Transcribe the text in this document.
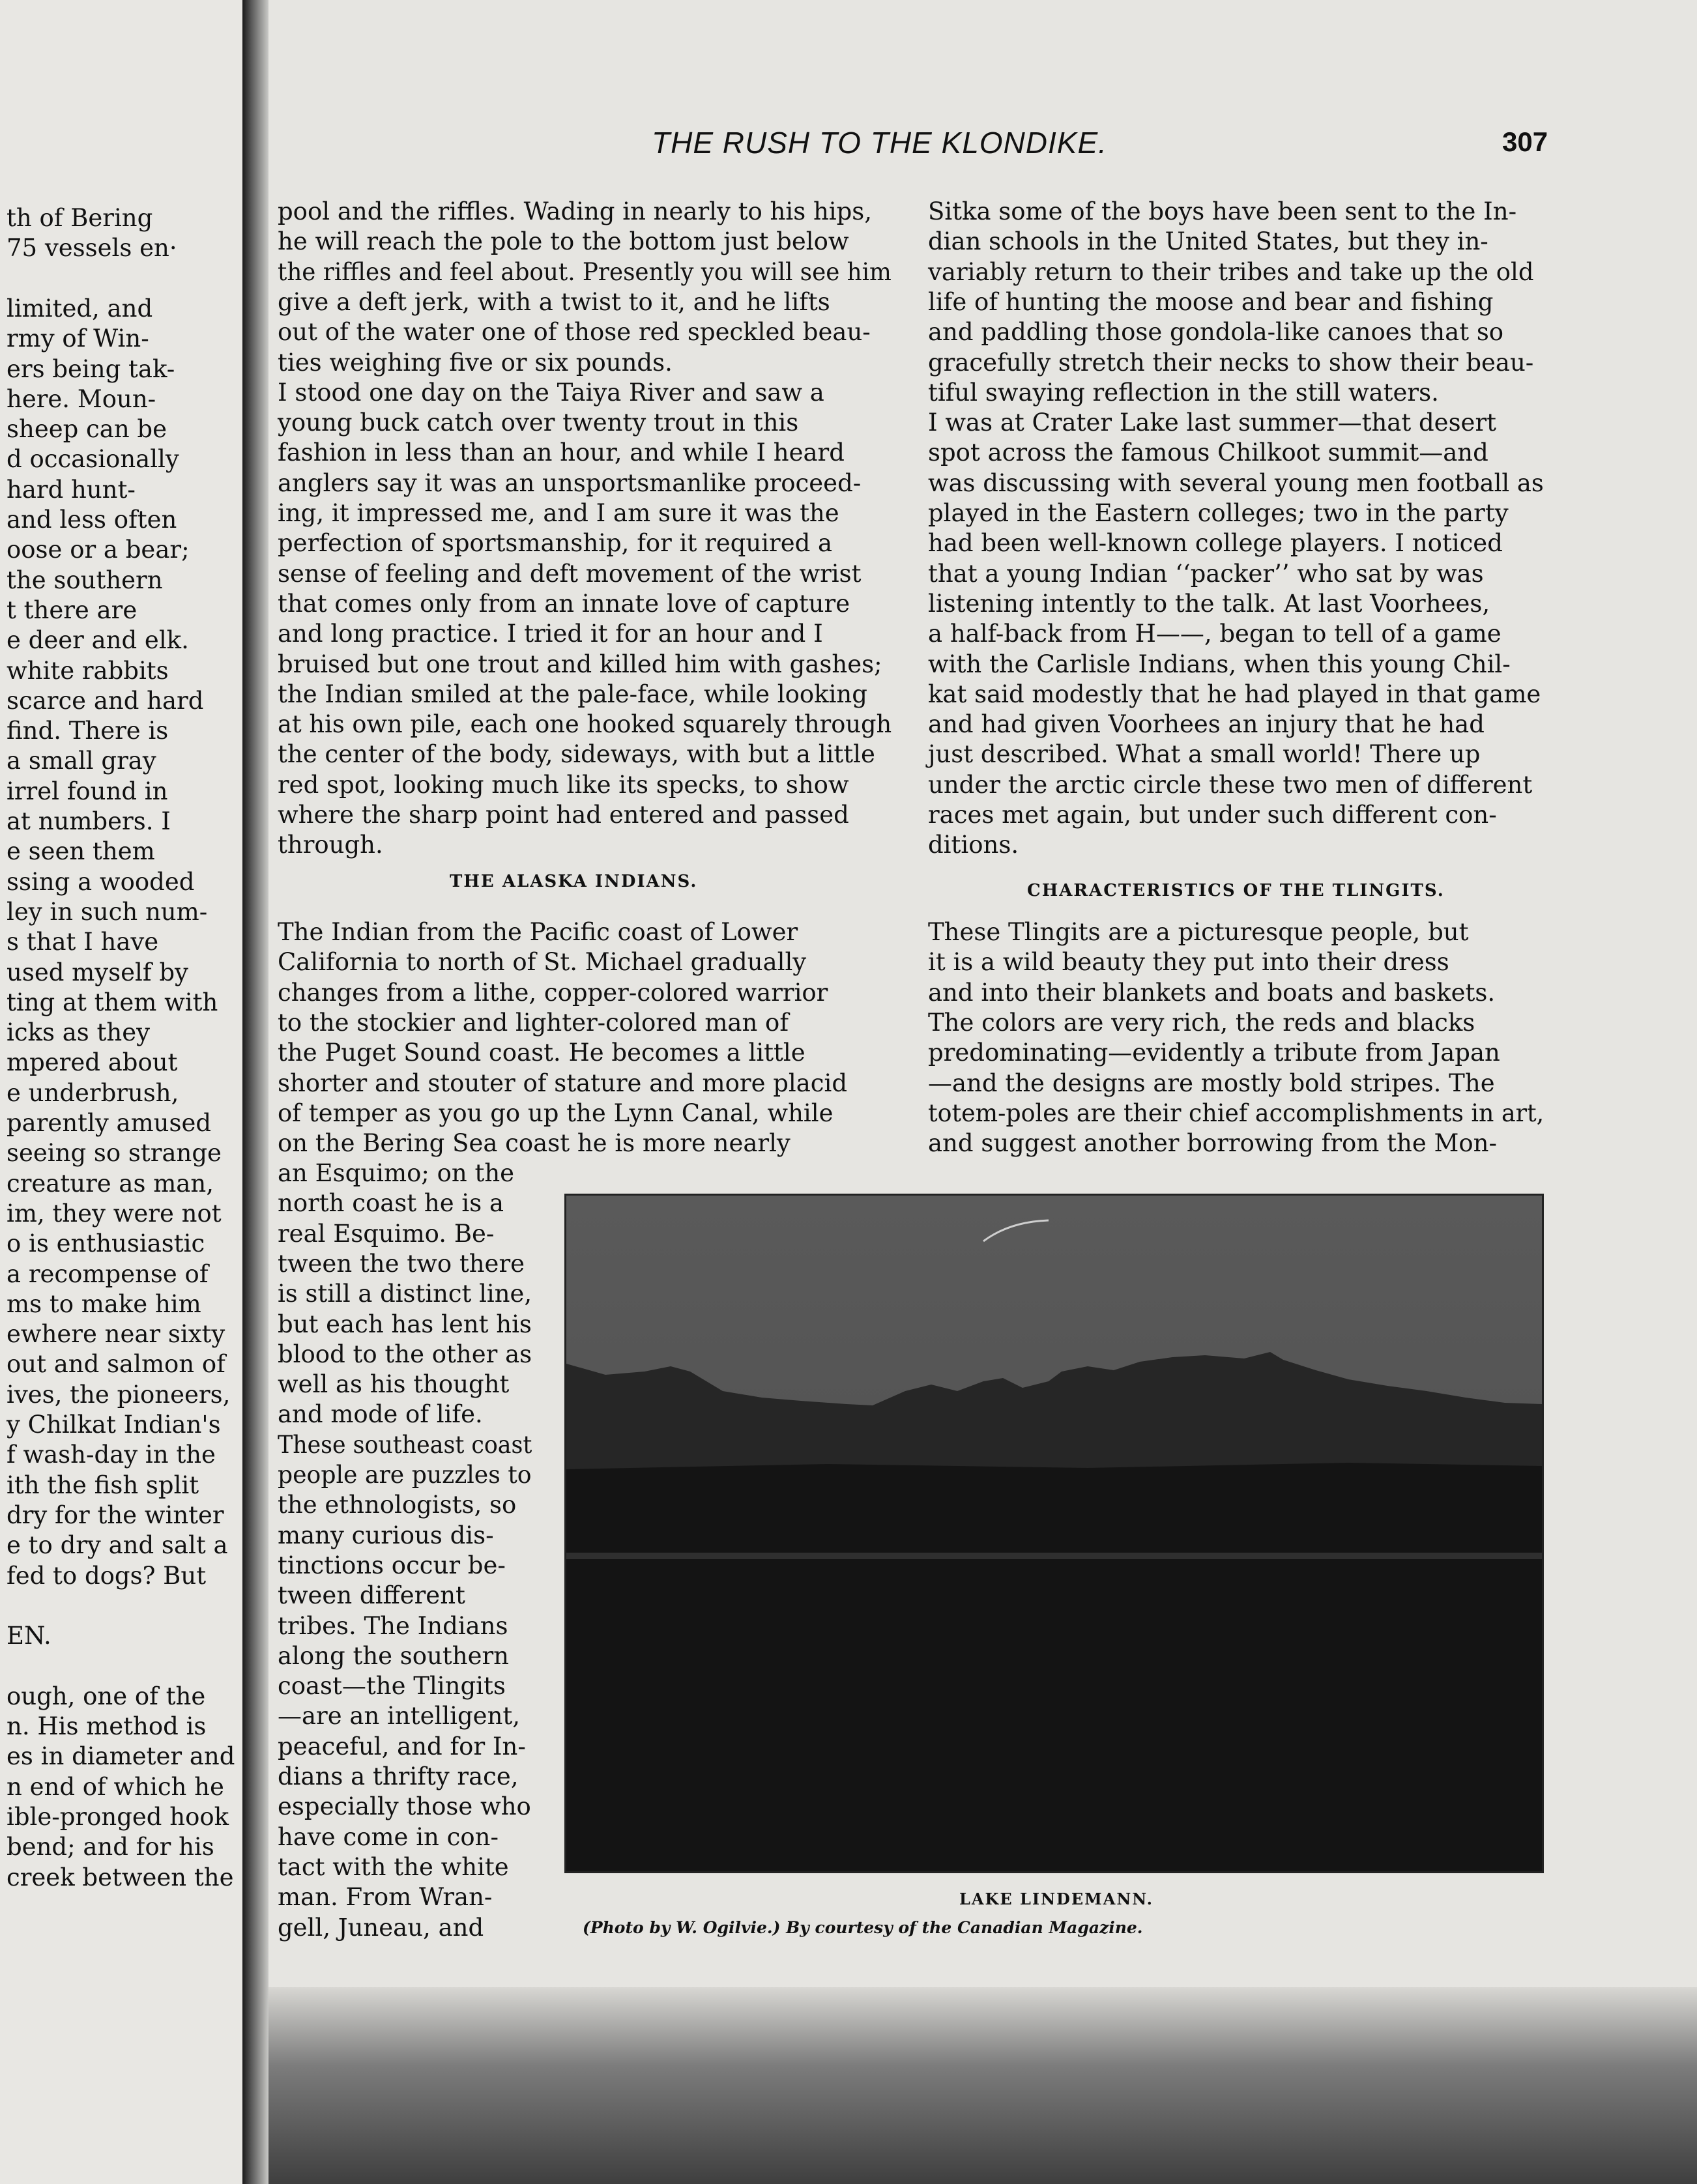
THE RUSH TO THE KLONDIKE.	307
THE ALASKA INDIANS.	CHARACTERISTICS OF THE TLINGITS.
LAKE LINDEMANN.
(Photo by W. Ogilvie.) By courtesy of the Canadian Magazine.
th of Bering
75 vessels en·
limited, and
rmy of Win-
ers being tak-
here. Moun-
sheep can be
d occasionally
hard hunt-
and less often
oose or a bear;
the southern
t there are
e deer and elk.
white rabbits
scarce and hard
find. There is
a small gray
irrel found in
at numbers. I
e seen them
ssing a wooded
ley in such num-
s that I have
used myself by
ting at them with
icks as they
mpered about
e underbrush,
parently amused
seeing so strange
creature as man,
im, they were not
o is enthusiastic
a recompense of
ms to make him
ewhere near sixty
out and salmon of
ives, the pioneers,
y Chilkat Indian's
f wash-day in the
ith the fish split
dry for the winter
e to dry and salt a
fed to dogs? But
EN.
ough, one of the
n. His method is
es in diameter and
n end of which he
ible-pronged hook
bend; and for his
creek between the
pool and the riffles. Wading in nearly to his hips,
he will reach the pole to the bottom just below
the riffles and feel about. Presently you will see him
give a deft jerk, with a twist to it, and he lifts
out of the water one of those red speckled beau-
ties weighing five or six pounds.
I stood one day on the Taiya River and saw a
young buck catch over twenty trout in this
fashion in less than an hour, and while I heard
anglers say it was an unsportsmanlike proceed-
ing, it impressed me, and I am sure it was the
perfection of sportsmanship, for it required a
sense of feeling and deft movement of the wrist
that comes only from an innate love of capture
and long practice. I tried it for an hour and I
bruised but one trout and killed him with gashes;
the Indian smiled at the pale-face, while looking
at his own pile, each one hooked squarely through
the center of the body, sideways, with but a little
red spot, looking much like its specks, to show
where the sharp point had entered and passed
through.
The Indian from the Pacific coast of Lower
California to north of St. Michael gradually
changes from a lithe, copper-colored warrior
to the stockier and lighter-colored man of
the Puget Sound coast. He becomes a little
shorter and stouter of stature and more placid
of temper as you go up the Lynn Canal, while
on the Bering Sea coast he is more nearly
an Esquimo; on the
north coast he is a
real Esquimo. Be-
tween the two there
is still a distinct line,
but each has lent his
blood to the other as
well as his thought
and mode of life.
These southeast coast
people are puzzles to
the ethnologists, so
many curious dis-
tinctions occur be-
tween different
tribes. The Indians
along the southern
coast—the Tlingits
—are an intelligent,
peaceful, and for In-
dians a thrifty race,
especially those who
have come in con-
tact with the white
man. From Wran-
gell, Juneau, and
Sitka some of the boys have been sent to the In-
dian schools in the United States, but they in-
variably return to their tribes and take up the old
life of hunting the moose and bear and fishing
and paddling those gondola-like canoes that so
gracefully stretch their necks to show their beau-
tiful swaying reflection in the still waters.
I was at Crater Lake last summer—that desert
spot across the famous Chilkoot summit—and
was discussing with several young men football as
played in the Eastern colleges; two in the party
had been well-known college players. I noticed
that a young Indian ‘‘packer’’ who sat by was
listening intently to the talk. At last Voorhees,
a half-back from H——, began to tell of a game
with the Carlisle Indians, when this young Chil-
kat said modestly that he had played in that game
and had given Voorhees an injury that he had
just described. What a small world! There up
under the arctic circle these two men of different
races met again, but under such different con-
ditions.
These Tlingits are a picturesque people, but
it is a wild beauty they put into their dress
and into their blankets and boats and baskets.
The colors are very rich, the reds and blacks
predominating—evidently a tribute from Japan
—and the designs are mostly bold stripes. The
totem-poles are their chief accomplishments in art,
and suggest another borrowing from the Mon-
